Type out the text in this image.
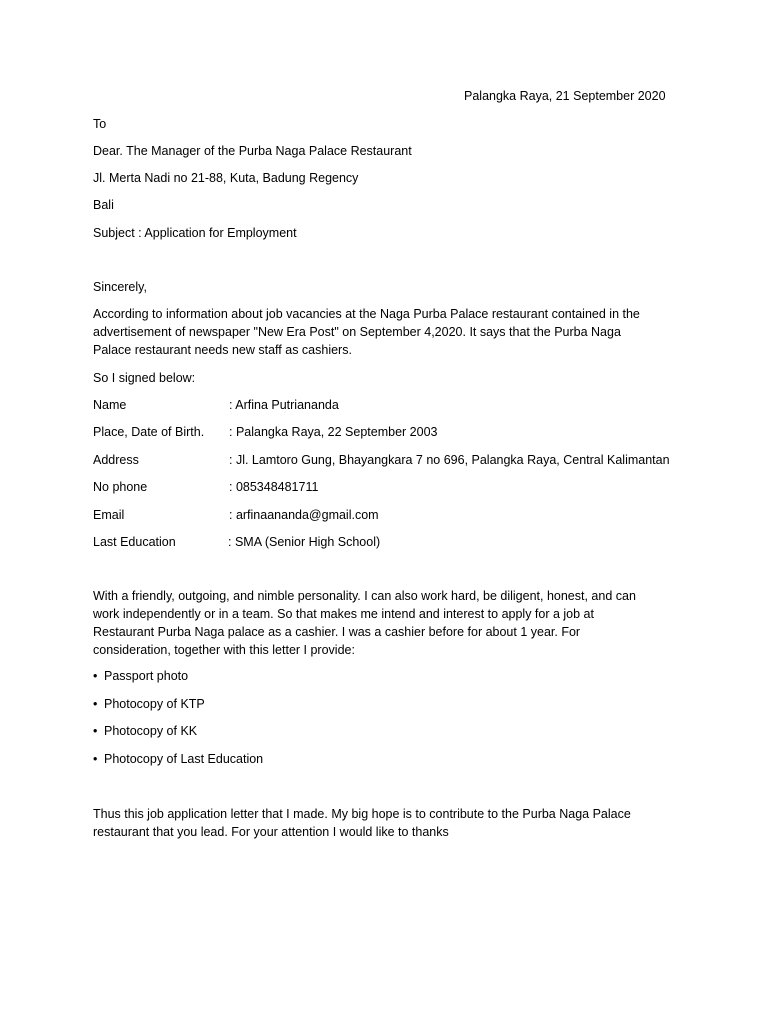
Palangka Raya, 21 September 2020
To
Dear. The Manager of the Purba Naga Palace Restaurant
Jl. Merta Nadi no 21-88, Kuta, Badung Regency
Bali
Subject : Application for Employment
Sincerely,

According to information about job vacancies at the Naga Purba Palace restaurant contained in the

advertisement of newspaper "New Era Post" on September 4,2020. It says that the Purba Naga

Palace restaurant needs new staff as cashiers.

So I signed below:
Name	: Arfina Putriananda
Place, Date of Birth. : Palangka Raya, 22 September 2003
Address	: Jl. Lamtoro Gung, Bhayangkara 7 no 696, Palangka Raya, Central Kalimantan
No phone	: 085348481711
Email	: arfinaananda@gmail.com
Last Education	: SMA (Senior High School)

With a friendly, outgoing, and nimble personality. I can also work hard, be diligent, honest, and can

work independently or in a team. So that makes me intend and interest to apply for a job at

Restaurant Purba Naga palace as a cashier. I was a cashier before for about 1 year. For

consideration, together with this letter I provide:

• Passport photo
• Photocopy of KTP
• Photocopy of KK
• Photocopy of Last Education

Thus this job application letter that I made. My big hope is to contribute to the Purba Naga Palace

restaurant that you lead. For your attention I would like to thanks
